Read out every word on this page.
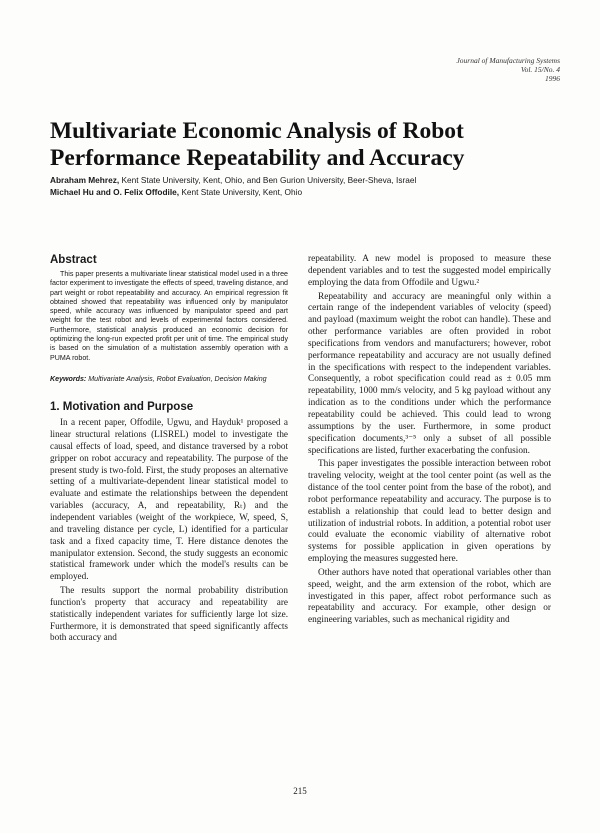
Journal of Manufacturing Systems
Vol. 15/No. 4
1996
Multivariate Economic Analysis of Robot Performance Repeatability and Accuracy
Abraham Mehrez, Kent State University, Kent, Ohio, and Ben Gurion University, Beer-Sheva, Israel
Michael Hu and O. Felix Offodile, Kent State University, Kent, Ohio
Abstract

This paper presents a multivariate linear statistical model used in a three factor experiment to investigate the effects of speed, traveling distance, and part weight or robot repeatability and accuracy. An empirical regression fit obtained showed that repeatability was influenced only by manipulator speed, while accuracy was influenced by manipulator speed and part weight for the test robot and levels of experimental factors considered. Furthermore, statistical analysis produced an economic decision for optimizing the long-run expected profit per unit of time. The empirical study is based on the simulation of a multistation assembly operation with a PUMA robot.

Keywords: Multivariate Analysis, Robot Evaluation, Decision Making

1. Motivation and Purpose

In a recent paper, Offodile, Ugwu, and Hayduk¹ proposed a linear structural relations (LISREL) model to investigate the causal effects of load, speed, and distance traversed by a robot gripper on robot accuracy and repeatability. The purpose of the present study is two-fold. First, the study proposes an alternative setting of a multivariate-dependent linear statistical model to evaluate and estimate the relationships between the dependent variables (accuracy, A, and repeatability, Rₜ) and the independent variables (weight of the workpiece, W, speed, S, and traveling distance per cycle, L) identified for a particular task and a fixed capacity time, T. Here distance denotes the manipulator extension. Second, the study suggests an economic statistical framework under which the model's results can be employed.

The results support the normal probability distribution function's property that accuracy and repeatability are statistically independent variates for sufficiently large lot size. Furthermore, it is demonstrated that speed significantly affects both accuracy and

repeatability. A new model is proposed to measure these dependent variables and to test the suggested model empirically employing the data from Offodile and Ugwu.²

Repeatability and accuracy are meaningful only within a certain range of the independent variables of velocity (speed) and payload (maximum weight the robot can handle). These and other performance variables are often provided in robot specifications from vendors and manufacturers; however, robot performance repeatability and accuracy are not usually defined in the specifications with respect to the independent variables. Consequently, a robot specification could read as ± 0.05 mm repeatability, 1000 mm/s velocity, and 5 kg payload without any indication as to the conditions under which the performance repeatability could be achieved. This could lead to wrong assumptions by the user. Furthermore, in some product specification documents,³⁻⁵ only a subset of all possible specifications are listed, further exacerbating the confusion.

This paper investigates the possible interaction between robot traveling velocity, weight at the tool center point (as well as the distance of the tool center point from the base of the robot), and robot performance repeatability and accuracy. The purpose is to establish a relationship that could lead to better design and utilization of industrial robots. In addition, a potential robot user could evaluate the economic viability of alternative robot systems for possible application in given operations by employing the measures suggested here.

Other authors have noted that operational variables other than speed, weight, and the arm extension of the robot, which are investigated in this paper, affect robot performance such as repeatability and accuracy. For example, other design or engineering variables, such as mechanical rigidity and

215
